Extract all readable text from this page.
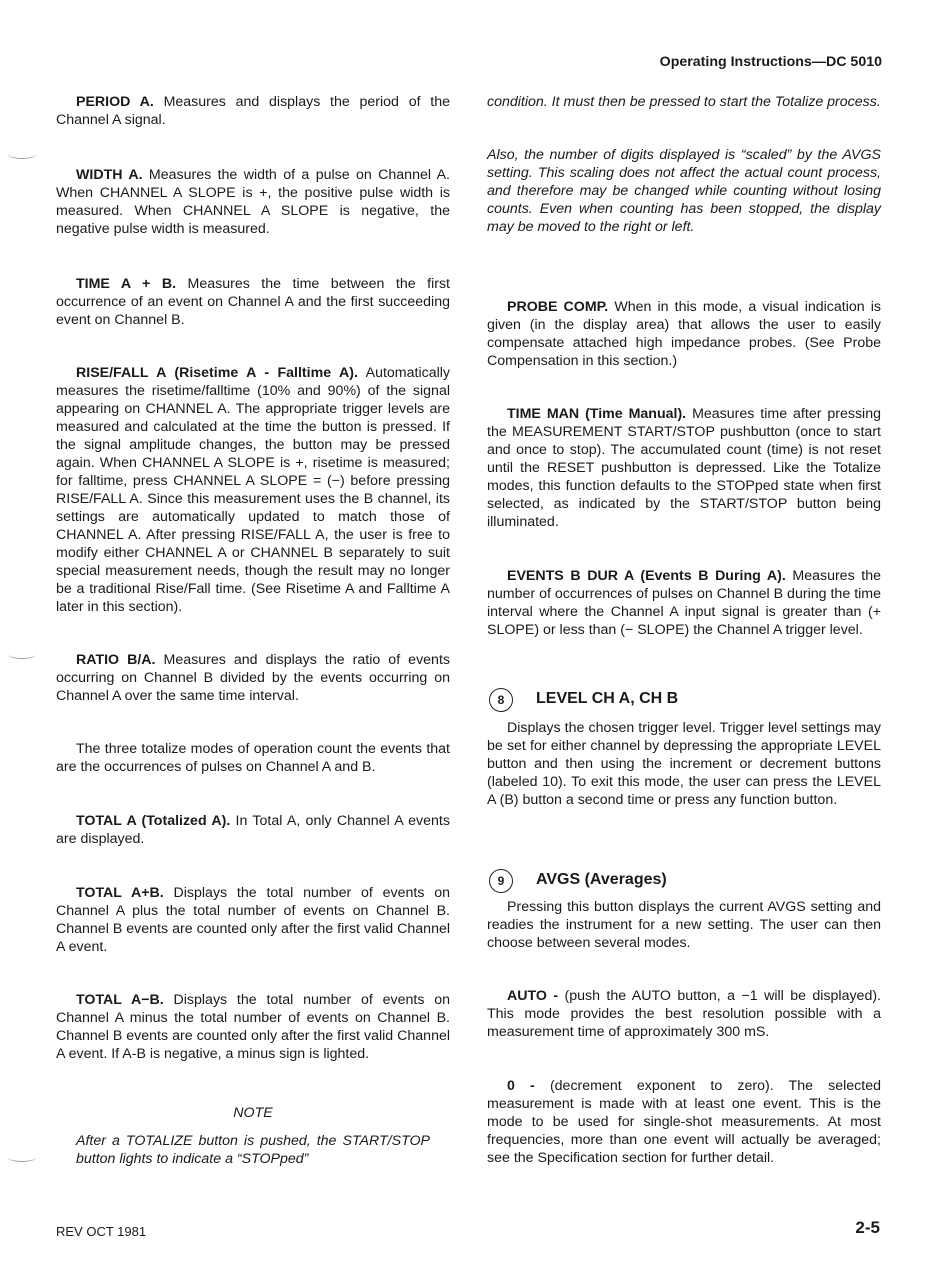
Operating Instructions—DC 5010

PERIOD A. Measures and displays the period of the Channel A signal.

WIDTH A. Measures the width of a pulse on Channel A. When CHANNEL A SLOPE is +, the positive pulse width is measured. When CHANNEL A SLOPE is negative, the negative pulse width is measured.

TIME A + B. Measures the time between the first occurrence of an event on Channel A and the first succeeding event on Channel B.

RISE/FALL A (Risetime A - Falltime A). Automatically measures the risetime/falltime (10% and 90%) of the signal appearing on CHANNEL A. The appropriate trigger levels are measured and calculated at the time the button is pressed. If the signal amplitude changes, the button may be pressed again. When CHANNEL A SLOPE is +, risetime is measured; for falltime, press CHANNEL A SLOPE = (−) before pressing RISE/FALL A. Since this measurement uses the B channel, its settings are automatically updated to match those of CHANNEL A. After pressing RISE/FALL A, the user is free to modify either CHANNEL A or CHANNEL B separately to suit special measurement needs, though the result may no longer be a traditional Rise/Fall time. (See Risetime A and Falltime A later in this section).

RATIO B/A. Measures and displays the ratio of events occurring on Channel B divided by the events occurring on Channel A over the same time interval.

The three totalize modes of operation count the events that are the occurrences of pulses on Channel A and B.

TOTAL A (Totalized A). In Total A, only Channel A events are displayed.

TOTAL A+B. Displays the total number of events on Channel A plus the total number of events on Channel B. Channel B events are counted only after the first valid Channel A event.

TOTAL A−B. Displays the total number of events on Channel A minus the total number of events on Channel B. Channel B events are counted only after the first valid Channel A event. If A-B is negative, a minus sign is lighted.

NOTE
After a TOTALIZE button is pushed, the START/STOP button lights to indicate a “STOPped”

condition. It must then be pressed to start the Totalize process.

Also, the number of digits displayed is “scaled” by the AVGS setting. This scaling does not affect the actual count process, and therefore may be changed while counting without losing counts. Even when counting has been stopped, the display may be moved to the right or left.

PROBE COMP. When in this mode, a visual indication is given (in the display area) that allows the user to easily compensate attached high impedance probes. (See Probe Compensation in this section.)

TIME MAN (Time Manual). Measures time after pressing the MEASUREMENT START/STOP pushbutton (once to start and once to stop). The accumulated count (time) is not reset until the RESET pushbutton is depressed. Like the Totalize modes, this function defaults to the STOPped state when first selected, as indicated by the START/STOP button being illuminated.

EVENTS B DUR A (Events B During A). Measures the number of occurrences of pulses on Channel B during the time interval where the Channel A input signal is greater than (+ SLOPE) or less than (− SLOPE) the Channel A trigger level.

8	LEVEL CH A, CH B

Displays the chosen trigger level. Trigger level settings may be set for either channel by depressing the appropriate LEVEL button and then using the increment or decrement buttons (labeled 10). To exit this mode, the user can press the LEVEL A (B) button a second time or press any function button.

9	AVGS (Averages)

Pressing this button displays the current AVGS setting and readies the instrument for a new setting. The user can then choose between several modes.

AUTO - (push the AUTO button, a −1 will be displayed). This mode provides the best resolution possible with a measurement time of approximately 300 mS.

0 - (decrement exponent to zero). The selected measurement is made with at least one event. This is the mode to be used for single-shot measurements. At most frequencies, more than one event will actually be averaged; see the Specification section for further detail.

REV OCT 1981	2-5
